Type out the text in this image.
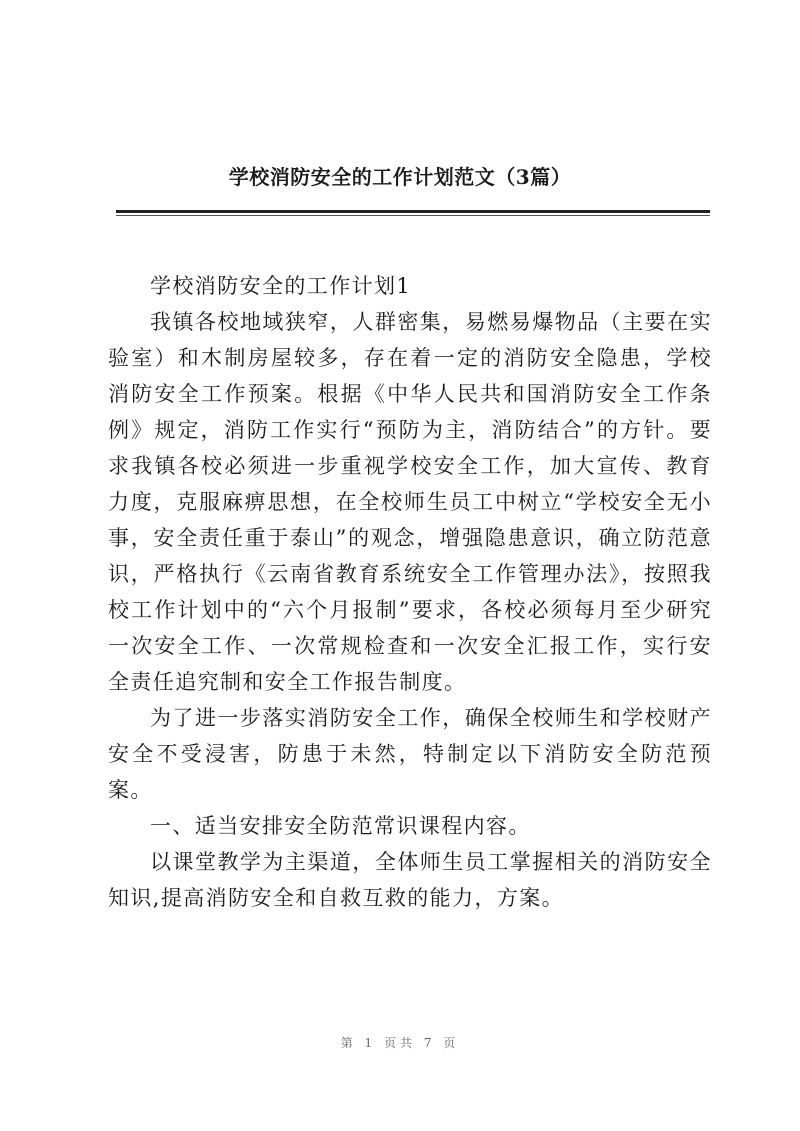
学校消防安全的工作计划范文（3篇）

学校消防安全的工作计划1

我镇各校地域狭窄，人群密集，易燃易爆物品（主要在实验室）和木制房屋较多，存在着一定的消防安全隐患，学校消防安全工作预案。根据《中华人民共和国消防安全工作条例》规定，消防工作实行“预防为主，消防结合”的方针。要求我镇各校必须进一步重视学校安全工作，加大宣传、教育力度，克服麻痹思想，在全校师生员工中树立“学校安全无小事，安全责任重于泰山”的观念，增强隐患意识，确立防范意识，严格执行《云南省教育系统安全工作管理办法》，按照我校工作计划中的“六个月报制”要求，各校必须每月至少研究一次安全工作、一次常规检查和一次安全汇报工作，实行安全责任追究制和安全工作报告制度。

为了进一步落实消防安全工作，确保全校师生和学校财产安全不受浸害，防患于未然，特制定以下消防安全防范预案。

一、适当安排安全防范常识课程内容。

以课堂教学为主渠道，全体师生员工掌握相关的消防安全知识,提高消防安全和自救互救的能力，方案。

第 1 页共 7 页
